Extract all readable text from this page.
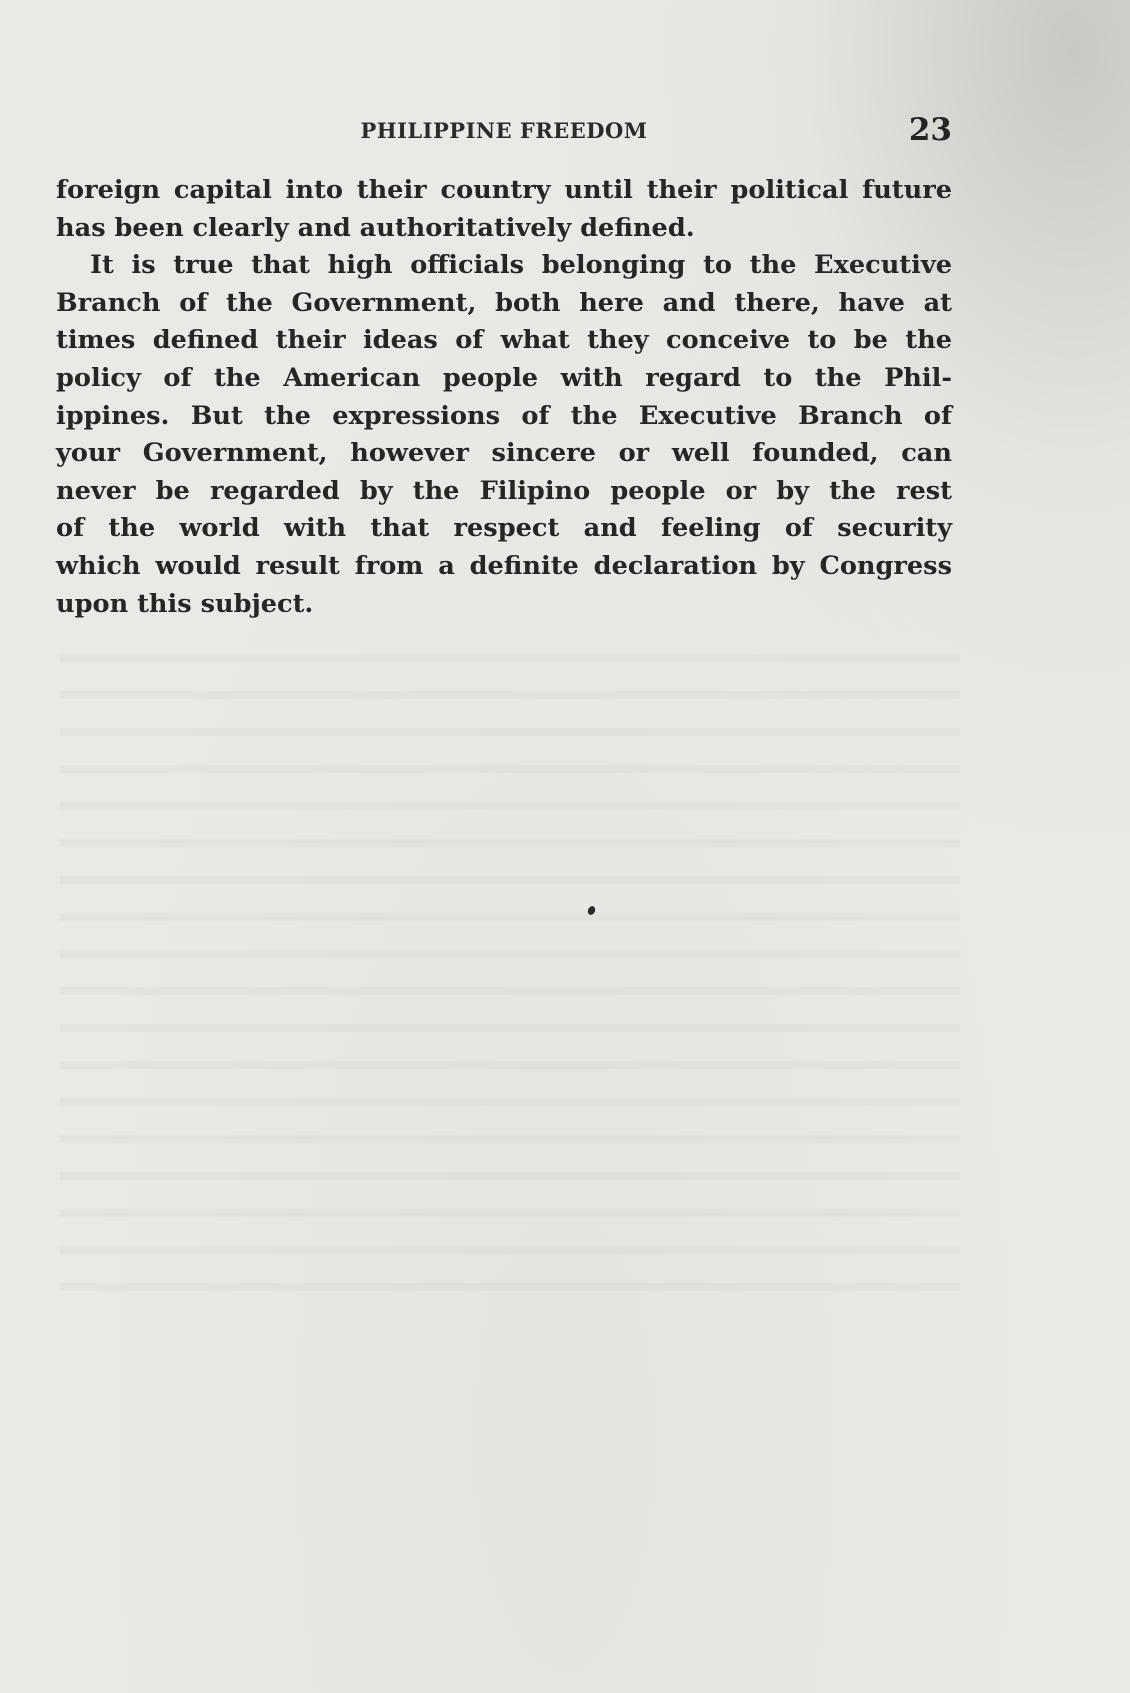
PHILIPPINE FREEDOM	23
foreign capital into their country until their political future
has been clearly and authoritatively defined.
It is true that high officials belonging to the Executive
Branch of the Government, both here and there, have at
times defined their ideas of what they conceive to be the
policy of the American people with regard to the Phil-
ippines. But the expressions of the Executive Branch of
your Government, however sincere or well founded, can
never be regarded by the Filipino people or by the rest
of the world with that respect and feeling of security
which would result from a definite declaration by Congress
upon this subject.
